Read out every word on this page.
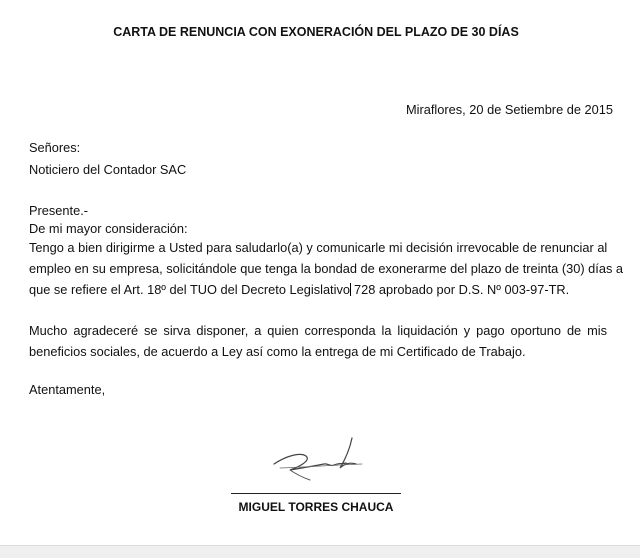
CARTA DE RENUNCIA CON EXONERACIÓN DEL PLAZO DE 30 DÍAS
Miraflores, 20 de Setiembre de 2015
Señores:
Noticiero del Contador SAC
Presente.-
De mi mayor consideración:
Tengo a bien dirigirme a Usted para saludarlo(a) y comunicarle mi decisión irrevocable de renunciar al
empleo en su empresa, solicitándole que tenga la bondad de exonerarme del plazo de treinta (30) días a
que se refiere el Art. 18º del TUO del Decreto Legislativo 728 aprobado por D.S. Nº 003-97-TR.
Mucho agradeceré se sirva disponer, a quien corresponda la liquidación y pago oportuno de mis
beneficios sociales, de acuerdo a Ley así como la entrega de mi Certificado de Trabajo.
Atentamente,
MIGUEL TORRES CHAUCA
